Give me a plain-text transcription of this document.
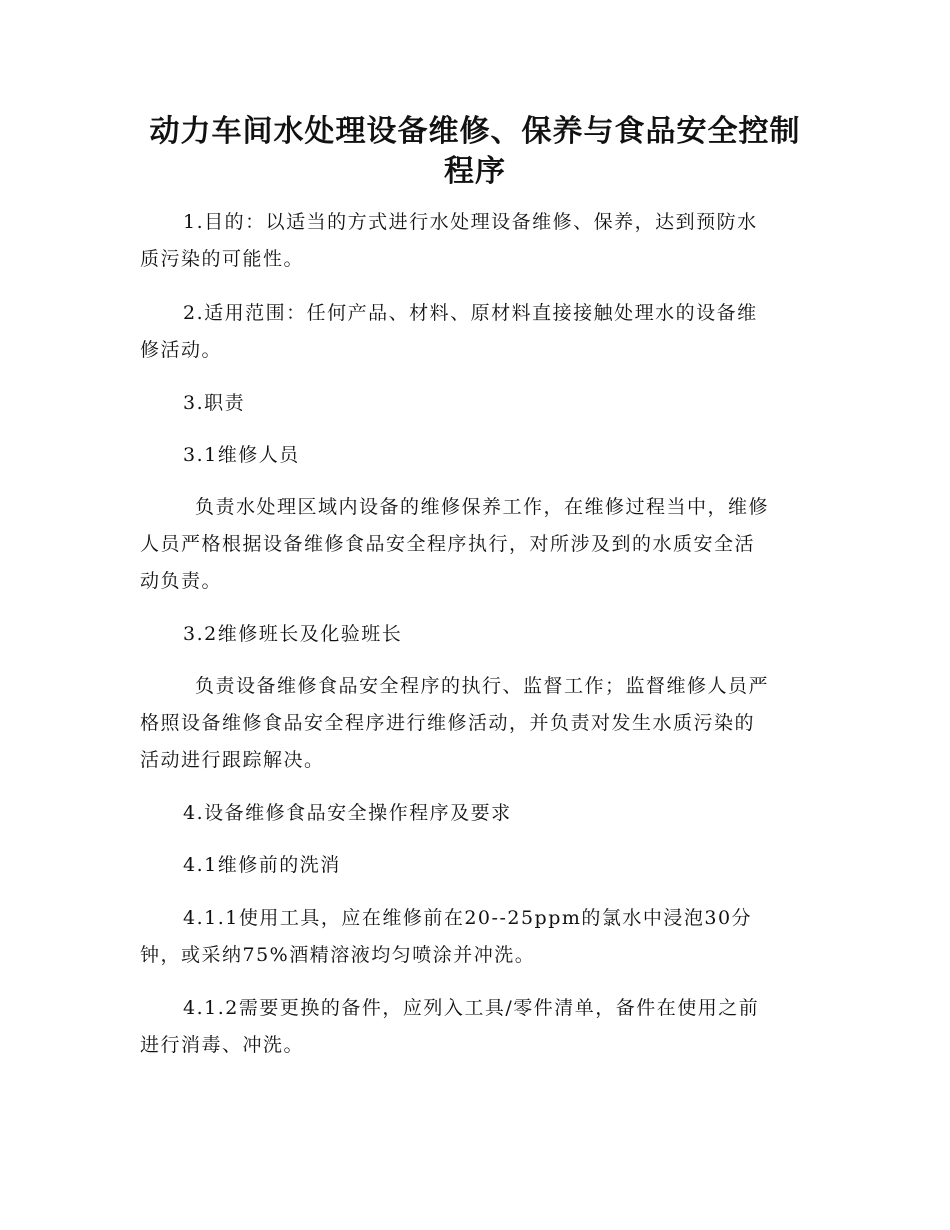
动力车间水处理设备维修、保养与食品安全控制
程序

1.目的：以适当的方式进行水处理设备维修、保养，达到预防水
质污染的可能性。

2.适用范围：任何产品、材料、原材料直接接触处理水的设备维
修活动。

3.职责

3.1维修人员

负责水处理区域内设备的维修保养工作，在维修过程当中，维修
人员严格根据设备维修食品安全程序执行，对所涉及到的水质安全活
动负责。

3.2维修班长及化验班长

负责设备维修食品安全程序的执行、监督工作；监督维修人员严
格照设备维修食品安全程序进行维修活动，并负责对发生水质污染的
活动进行跟踪解决。

4.设备维修食品安全操作程序及要求

4.1维修前的洗消

4.1.1使用工具，应在维修前在20--25ppm的氯水中浸泡30分
钟，或采纳75%酒精溶液均匀喷涂并冲洗。

4.1.2需要更换的备件，应列入工具/零件清单，备件在使用之前
进行消毒、冲洗。
